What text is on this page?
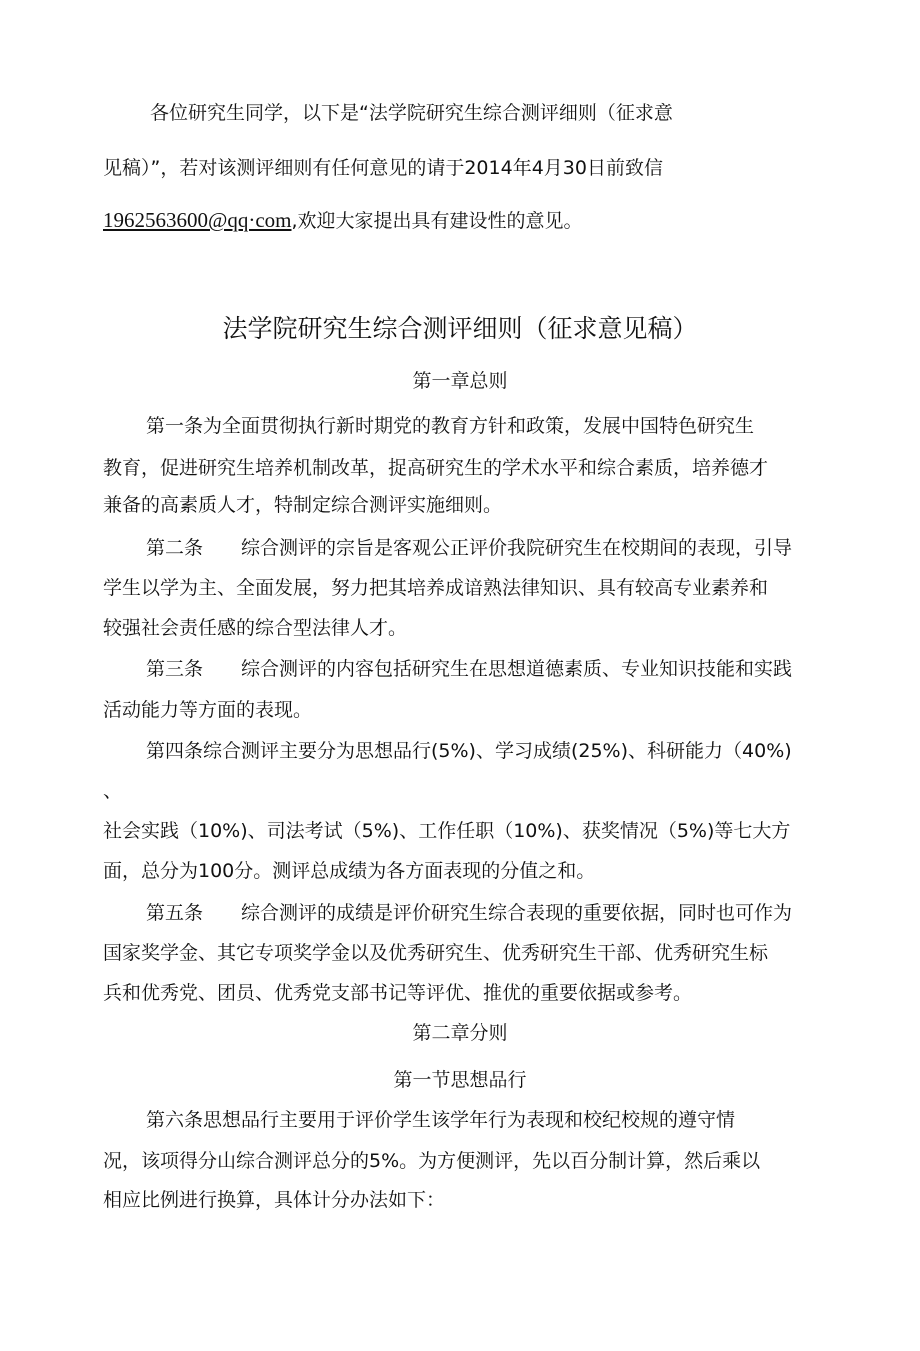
各位研究生同学，以下是“法学院研究生综合测评细则（征求意
见稿）”，若对该测评细则有任何意见的请于2014年4月30日前致信
1962563600@qq·com,欢迎大家提出具有建设性的意见。
法学院研究生综合测评细则（征求意见稿）
第一章总则
第一条为全面贯彻执行新时期党的教育方针和政策，发展中国特色研究生
教育，促进研究生培养机制改革，捉高研究生的学术水平和综合素质，培养德才
兼备的高素质人才，特制定综合测评实施细则。
第二条　　综合测评的宗旨是客观公正评价我院研究生在校期间的表现，引导
学生以学为主、全面发展，努力把其培养成谙熟法律知识、具有较高专业素养和
较强社会责任感的综合型法律人才。
第三条　　综合测评的内容包括研究生在思想道德素质、专业知识技能和实践
活动能力等方面的表现。
第四条综合测评主要分为思想品行(5%)、学习成绩(25%)、科研能力（40%)
、
社会实践（10%)、司法考试（5%)、工作任职（10%)、获奖情况（5%)等七大方
面，总分为100分。测评总成绩为各方面表现的分值之和。
第五条　　综合测评的成绩是评价研究生综合表现的重要依据，同时也可作为
国家奖学金、其它专项奖学金以及优秀研究生、优秀研究生干部、优秀研究生标
兵和优秀党、团员、优秀党支部书记等评优、推优的重要依据或参考。
第二章分则
第一节思想品行
第六条思想品行主要用于评价学生该学年行为表现和校纪校规的遵守情
况，该项得分山综合测评总分的5%。为方便测评，先以百分制计算，然后乘以
相应比例进行换算，具体计分办法如下：
